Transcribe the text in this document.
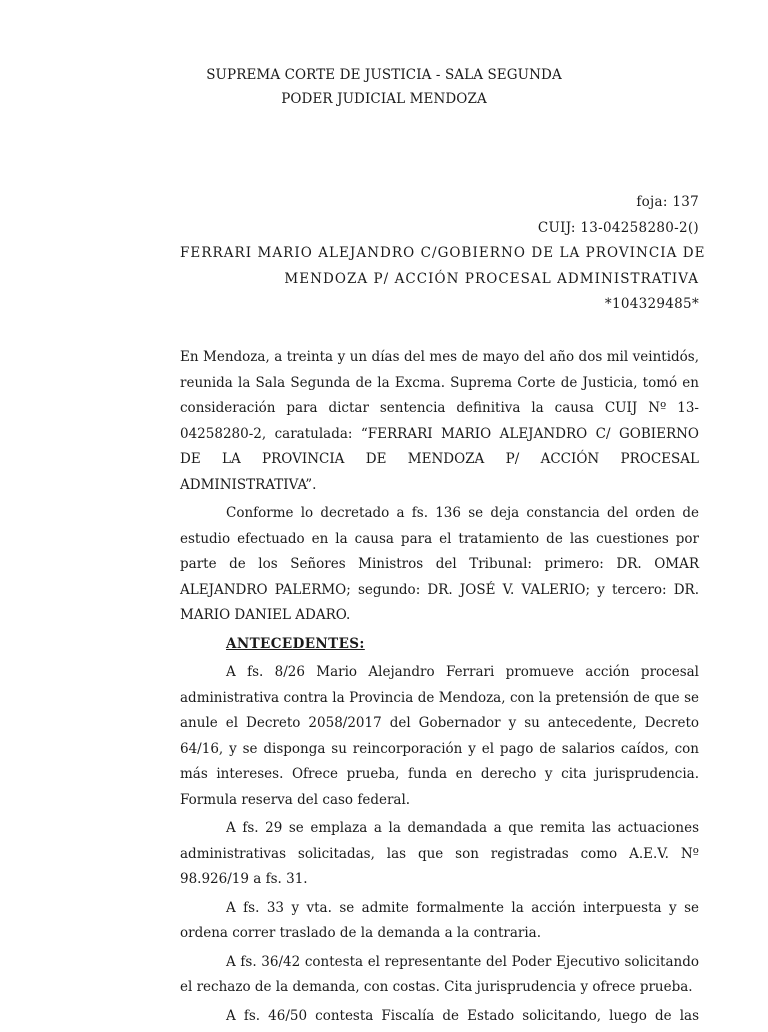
SUPREMA CORTE DE JUSTICIA - SALA SEGUNDA
PODER JUDICIAL MENDOZA
foja: 137
CUIJ: 13-04258280-2()
FERRARI MARIO ALEJANDRO C/GOBIERNO DE LA PROVINCIA DE
MENDOZA P/ ACCIÓN PROCESAL ADMINISTRATIVA
*104329485*

En Mendoza, a treinta y un días del mes de mayo del año dos mil veintidós, reunida la Sala Segunda de la Excma. Suprema Corte de Justicia, tomó en consideración para dictar sentencia definitiva la causa CUIJ Nº 13-04258280-2, caratulada: “FERRARI MARIO ALEJANDRO C/ GOBIERNO DE LA PROVINCIA DE MENDOZA P/ ACCIÓN PROCESAL ADMINISTRATIVA”.

Conforme lo decretado a fs. 136 se deja constancia del orden de estudio efectuado en la causa para el tratamiento de las cuestiones por parte de los Señores Ministros del Tribunal: primero: DR. OMAR ALEJANDRO PALERMO; segundo: DR. JOSÉ V. VALERIO; y tercero: DR. MARIO DANIEL ADARO.

ANTECEDENTES:

A fs. 8/26 Mario Alejandro Ferrari promueve acción procesal administrativa contra la Provincia de Mendoza, con la pretensión de que se anule el Decreto 2058/2017 del Gobernador y su antecedente, Decreto 64/16, y se disponga su reincorporación y el pago de salarios caídos, con más intereses. Ofrece prueba, funda en derecho y cita jurisprudencia. Formula reserva del caso federal.

A fs. 29 se emplaza a la demandada a que remita las actuaciones administrativas solicitadas, las que son registradas como A.E.V. Nº 98.926/19 a fs. 31.

A fs. 33 y vta. se admite formalmente la acción interpuesta y se ordena correr traslado de la demanda a la contraria.

A fs. 36/42 contesta el representante del Poder Ejecutivo solicitando el rechazo de la demanda, con costas. Cita jurisprudencia y ofrece prueba.

A fs. 46/50 contesta Fiscalía de Estado solicitando, luego de las
